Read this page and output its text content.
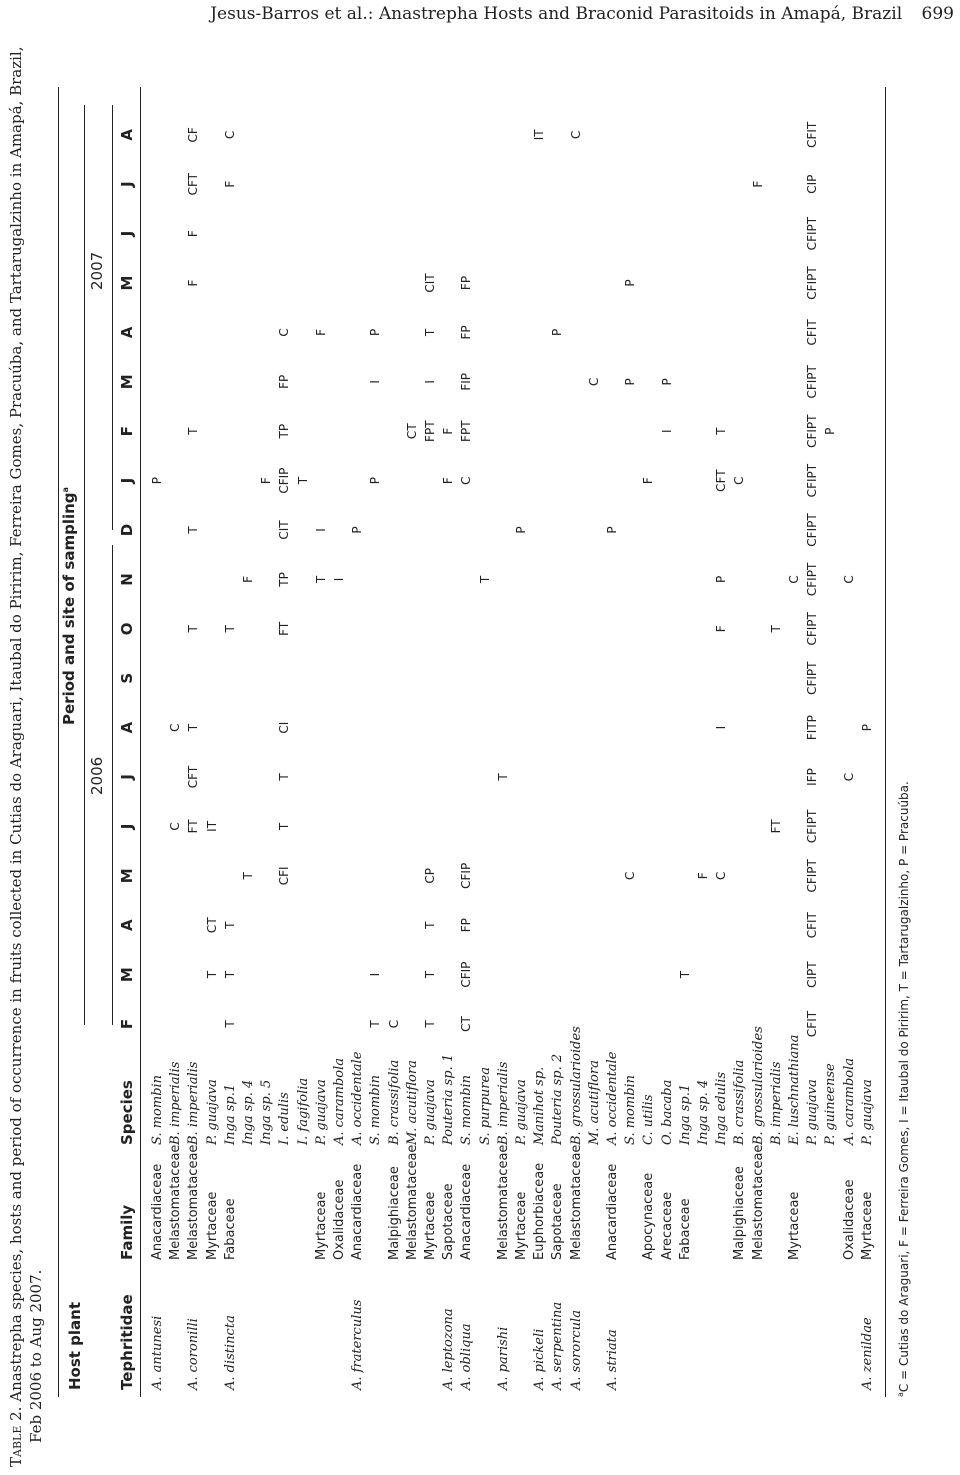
Jesus-Barros et al.: Anastrepha Hosts and Braconid Parasitoids in Amapá, Brazil 699
Table 2. Anastrepha species, hosts and period of occurrence in fruits collected in Cutias do Araguari, Itaubal do Piririm, Ferreira Gomes, Pracuúba, and Tartarugalzinho in Amapá, Brazil, Feb 2006 to Aug 2007. Host plant
Period and site of sampling$^a$
2006
2007
Tephritidae
Family
Species
F
M
A
M
J
J
A
S
O
N
D
J
F
M
A
M
J
J
A
A. antunesi
Anacardiaceae
S. mombin
P
Melastomataceae
B. imperialis
C
C
A. coronilli
Melastomataceae
B. imperialis
FT
CFT
T
T
T
T
F
F
CFT
CF
Myrtaceae
P. guajava
T
CT
IT
A. distincta
Fabaceae
Inga sp.1
T
T
T
T
F
C
Inga sp. 4
T
F
Inga sp. 5
F
I. edulis
CFI
T
T
CI
FT
TP
CIT
CFIP
TP
FP
C
I. fagifolia
T
Myrtaceae
P. guajava
T
I
F
Oxalidaceae
A. carambola
I
A. fraterculus
Anacardiaceae
A. occidentale
P
S. mombin
T
I
P
I
P
Malpighiaceae
B. crassifolia
C
Melastomataceae
M. acutiflora
CT
Myrtaceae
P. guajava
T
T
T
CP
FPT
I
T
CIT
A. leptozona
Sapotaceae
Pouteria sp. 1
F
F
A. obliqua
Anacardiaceae
S. mombin
CT
CFIP
FP
CFIP
C
FPT
FIP
FP
FP
S. purpurea
T
A. parishi
Melastomataceae
B. imperialis
T
Myrtaceae
P. guajava
P
A. pickeli
Euphorbiaceae
Manihot sp.
IT
A. serpentina
Sapotaceae
Pouteria sp. 2
P
A. sororcula
Melastomataceae
B. grossularioides
C
M. acutiflora
C
A. striata
Anacardiaceae
A. occidentale
P
S. mombin
C
P
P
Apocynaceae
C. utilis
F
Arecaceae
O. bacaba
I
P
Fabaceae
Inga sp.1
T
Inga sp. 4
F
Inga edulis
C
I
F
P
CFT
T
Malpighiaceae
B. crassifolia
C
Melastomataceae
B. grossularioides
F
B. imperialis
FT
T
Myrtaceae
E. luschnathiana
C
P. guajava
CFIT
CIPT
CFIT
CFIPT
CFIPT
IFP
FITP
CFIPT
CFIPT
CFIPT
CFIPT
CFIPT
CFIPT
CFIPT
CFIT
CFIPT
CFIPT
CIP
CFIT
P. guineense
P
Oxalidaceae
A. carambola
C
C
A. zenildae
Myrtaceae
P. guajava
P
$^a$C = Cutias do Araguari, F = Ferreira Gomes, I = Itaubal do Piririm, T = Tartarugalzinho, P = Pracuúba.
